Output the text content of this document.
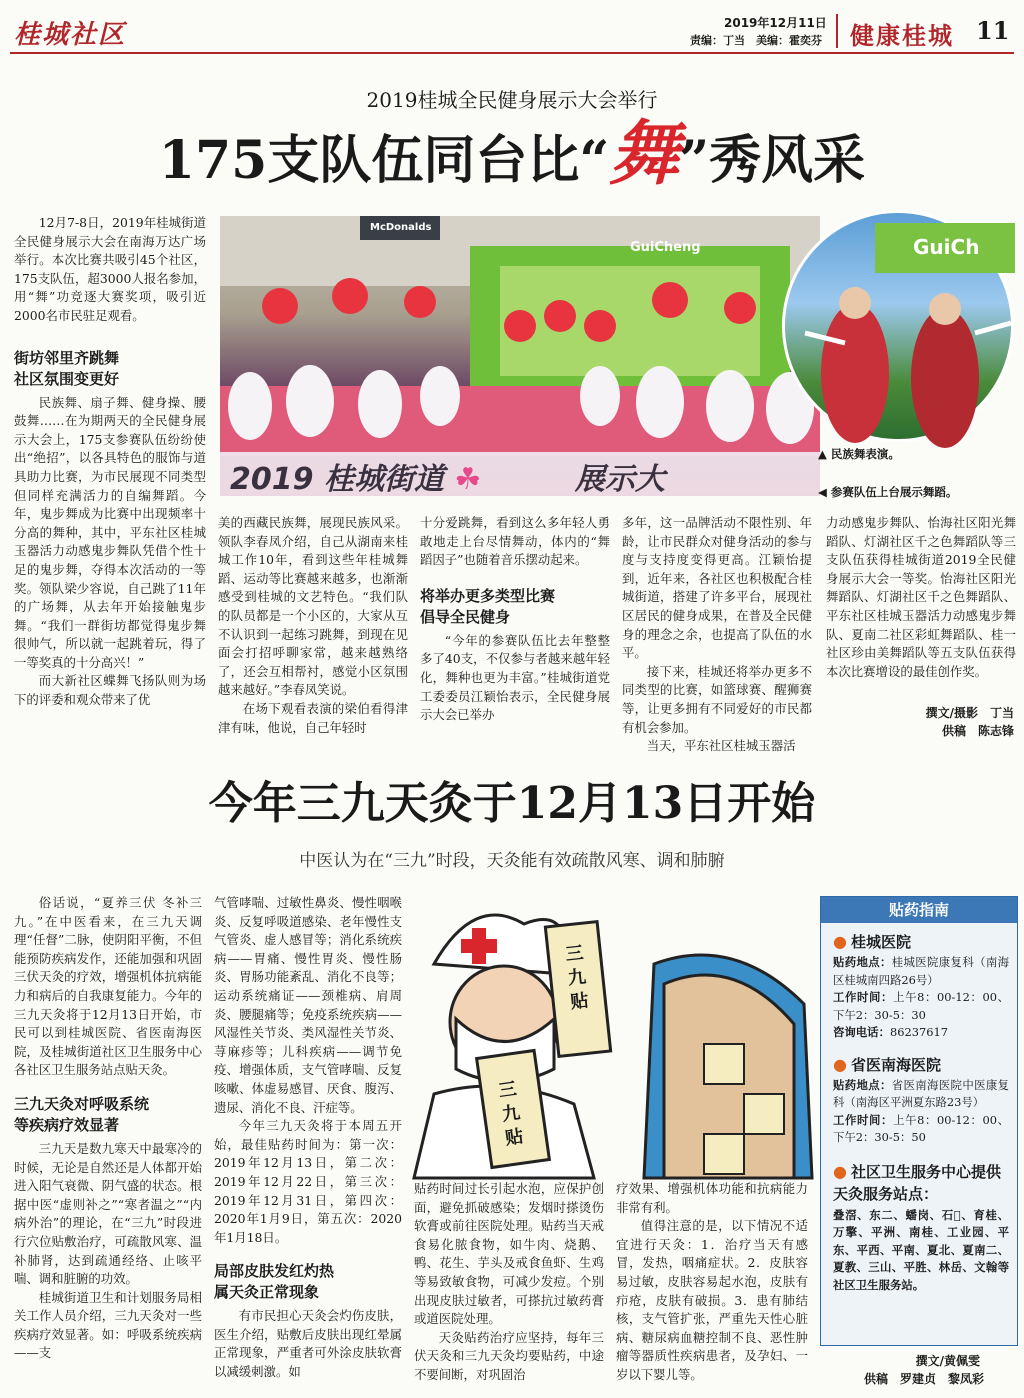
桂城社区	2019年12月11日
责编：丁当　美编：霍奕芬 健康桂城 11
2019桂城全民健身展示大会举行
175支队伍同台比“舞”秀风采

12月7-8日，2019年桂城街道全民健身展示大会在南海万达广场举行。本次比赛共吸引45个社区，175支队伍，超3000人报名参加，用“舞”功竞逐大赛奖项，吸引近2000名市民驻足观看。

街坊邻里齐跳舞
社区氛围变更好

民族舞、扇子舞、健身操、腰鼓舞……在为期两天的全民健身展示大会上，175支参赛队伍纷纷使出“绝招”，以各具特色的服饰与道具助力比赛，为市民展现不同类型但同样充满活力的自编舞蹈。今年，鬼步舞成为比赛中出现频率十分高的舞种，其中，平东社区桂城玉器活力动感鬼步舞队凭借个性十足的鬼步舞，夺得本次活动的一等奖。领队梁少容说，自己跳了11年的广场舞，从去年开始接触鬼步舞。“我们一群街坊都觉得鬼步舞很帅气，所以就一起跳着玩，得了一等奖真的十分高兴！”

而大新社区蝶舞飞扬队则为场下的评委和观众带来了优

McDonalds
GuiCheng
2019 桂城街道 ☘	展示大
GuiCh
▲ 民族舞表演。
◀ 参赛队伍上台展示舞蹈。

美的西藏民族舞，展现民族风采。领队李春凤介绍，自己从湖南来桂城工作10年，看到这些年桂城舞蹈、运动等比赛越来越多，也渐渐感受到桂城的文艺特色。“我们队的队员都是一个小区的，大家从互不认识到一起练习跳舞，到现在见面会打招呼聊家常，越来越熟络了，还会互相帮衬，感觉小区氛围越来越好。”李春凤笑说。

在场下观看表演的梁伯看得津津有味，他说，自己年轻时

十分爱跳舞，看到这么多年轻人勇敢地走上台尽情舞动，体内的“舞蹈因子”也随着音乐摆动起来。

将举办更多类型比赛
倡导全民健身

“今年的参赛队伍比去年整整多了40支，不仅参与者越来越年轻化，舞种也更为丰富。”桂城街道党工委委员江颖怡表示，全民健身展示大会已举办

多年，这一品牌活动不限性别、年龄，让市民群众对健身活动的参与度与支持度变得更高。江颖怡提到，近年来，各社区也积极配合桂城街道，搭建了许多平台，展现社区居民的健身成果，在普及全民健身的理念之余，也提高了队伍的水平。

接下来，桂城还将举办更多不同类型的比赛，如篮球赛、醒狮赛等，让更多拥有不同爱好的市民都有机会参加。

当天，平东社区桂城玉器活

力动感鬼步舞队、怡海社区阳光舞蹈队、灯湖社区千之色舞蹈队等三支队伍获得桂城街道2019全民健身展示大会一等奖。怡海社区阳光舞蹈队、灯湖社区千之色舞蹈队、平东社区桂城玉器活力动感鬼步舞队、夏南二社区彩虹舞蹈队、桂一社区珍由美舞蹈队等五支队伍获得本次比赛增设的最佳创作奖。

撰文/摄影　丁当
供稿　陈志锋
今年三九天灸于12月13日开始
中医认为在“三九”时段，天灸能有效疏散风寒、调和肺腑

俗话说，“夏养三伏 冬补三九。”在中医看来，在三九天调理“任督”二脉，使阴阳平衡，不但能预防疾病发作，还能加强和巩固三伏天灸的疗效，增强机体抗病能力和病后的自我康复能力。今年的三九天灸将于12月13日开始，市民可以到桂城医院、省医南海医院，及桂城街道社区卫生服务中心各社区卫生服务站点贴天灸。

三九天灸对呼吸系统
等疾病疗效显著

三九天是数九寒天中最寒冷的时候，无论是自然还是人体都开始进入阳气衰微、阴气盛的状态。根据中医“虚则补之”“寒者温之”“内病外治”的理论，在“三九”时段进行穴位贴敷治疗，可疏散风寒、温补肺肾，达到疏通经络、止咳平喘、调和脏腑的功效。

桂城街道卫生和计划服务局相关工作人员介绍，三九天灸对一些疾病疗效显著。如：呼吸系统疾病——支

气管哮喘、过敏性鼻炎、慢性咽喉炎、反复呼吸道感染、老年慢性支气管炎、虚人感冒等；消化系统疾病——胃痛、慢性胃炎、慢性肠炎、胃肠功能紊乱、消化不良等；运动系统痛证——颈椎病、肩周炎、腰腿痛等；免疫系统疾病——风湿性关节炎、类风湿性关节炎、荨麻疹等；儿科疾病——调节免疫、增强体质，支气管哮喘、反复咳嗽、体虚易感冒、厌食、腹泻、遗尿、消化不良、汗症等。

今年三九天灸将于本周五开始，最佳贴药时间为：第一次：2019年12月13日，第二次：2019年12月22日，第三次：2019年12月31日，第四次：2020年1月9日，第五次：2020年1月18日。

局部皮肤发红灼热
属天灸正常现象

有市民担心天灸会灼伤皮肤，医生介绍，贴敷后皮肤出现红晕属正常现象，严重者可外涂皮肤软膏以减缓刺激。如

三九贴
三九贴

贴药时间过长引起水泡，应保护创面，避免抓破感染；发烟时搽烫伤软膏或前往医院处理。贴药当天戒食易化脓食物，如牛肉、烧鹅、鸭、花生、芋头及戒食鱼虾、生鸡等易致敏食物，可减少发痘。个别出现皮肤过敏者，可搽抗过敏药膏或道医院处理。

天灸贴药治疗应坚持，每年三伏天灸和三九天灸均要贴药，中途不要间断，对巩固治

疗效果、增强机体功能和抗病能力非常有利。

值得注意的是，以下情况不适宜进行天灸：1．治疗当天有感冒，发热，咽痛症状。2．皮肤容易过敏，皮肤容易起水泡，皮肤有疖疮，皮肤有破损。3．患有肺结核，支气管扩张，严重先天性心脏病、糖尿病血糖控制不良、恶性肿瘤等器质性疾病患者，及孕妇、一岁以下婴儿等。

贴药指南
● 桂城医院
贴药地点：桂城医院康复科（南海区桂城南四路26号）
工作时间：上午8：00-12：00、下午2：30-5：30
咨询电话：86237617
● 省医南海医院
贴药地点：省医南海医院中医康复科（南海区平洲夏东路23号）
工作时间：上午8：00-12：00、下午2：30-5：50
● 社区卫生服务中心提供天灸服务站点：
叠滘、东二、蟠岗、石𬒎、育桂、万擎、平洲、南桂、工业园、平东、平西、平南、夏北、夏南二、夏教、三山、平胜、林岳、文翰等社区卫生服务站。
撰文/黄佩雯
供稿　罗建贞　黎凤彩
